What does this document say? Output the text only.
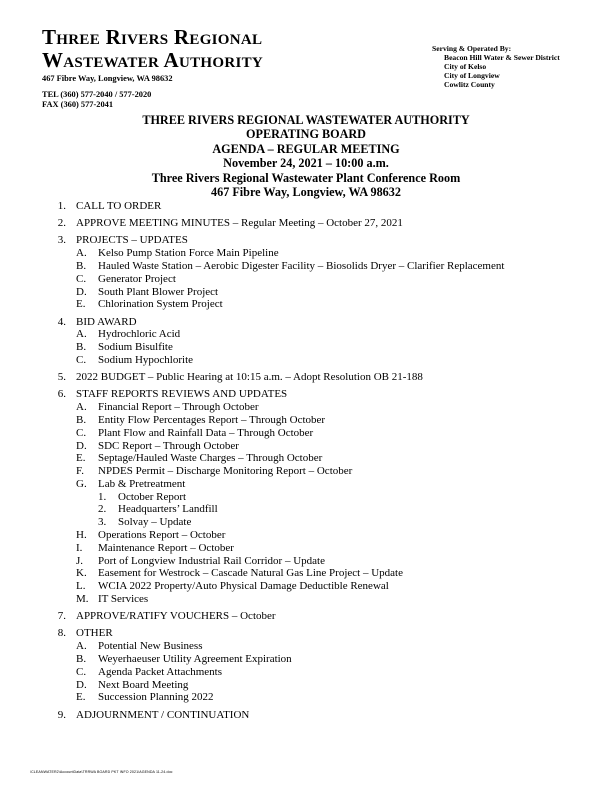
Three Rivers Regional
Wastewater Authority
467 Fibre Way, Longview, WA 98632
TEL (360) 577-2040 / 577-2020
FAX (360) 577-2041
Serving & Operated By:
Beacon Hill Water & Sewer District
City of Kelso
City of Longview
Cowlitz County
THREE RIVERS REGIONAL WASTEWATER AUTHORITY
OPERATING BOARD
AGENDA – REGULAR MEETING
November 24, 2021 – 10:00 a.m.
Three Rivers Regional Wastewater Plant Conference Room
467 Fibre Way, Longview, WA 98632
1. CALL TO ORDER
2. APPROVE MEETING MINUTES – Regular Meeting – October 27, 2021
3. PROJECTS – UPDATES
A. Kelso Pump Station Force Main Pipeline
B. Hauled Waste Station – Aerobic Digester Facility – Biosolids Dryer – Clarifier Replacement
C. Generator Project
D. South Plant Blower Project
E. Chlorination System Project
4. BID AWARD
A. Hydrochloric Acid
B. Sodium Bisulfite
C. Sodium Hypochlorite
5. 2022 BUDGET – Public Hearing at 10:15 a.m. – Adopt Resolution OB 21-188
6. STAFF REPORTS REVIEWS AND UPDATES
A. Financial Report – Through October
B. Entity Flow Percentages Report – Through October
C. Plant Flow and Rainfall Data – Through October
D. SDC Report – Through October
E. Septage/Hauled Waste Charges – Through October
F. NPDES Permit – Discharge Monitoring Report – October
G. Lab & Pretreatment
1. October Report
2. Headquarters’ Landfill
3. Solvay – Update
H. Operations Report – October
I. Maintenance Report – October
J. Port of Longview Industrial Rail Corridor – Update
K. Easement for Westrock – Cascade Natural Gas Line Project – Update
L. WCIA 2022 Property/Auto Physical Damage Deductible Renewal
M. IT Services
7. APPROVE/RATIFY VOUCHERS – October
8. OTHER
A. Potential New Business
B. Weyerhaeuser Utility Agreement Expiration
C. Agenda Packet Attachments
D. Next Board Meeting
E. Succession Planning 2022
9. ADJOURNMENT / CONTINUATION
\CLEANWATER2\AccountData\TRRWA BOARD PKT INFO 2021\AGENDA 11-24.doc
